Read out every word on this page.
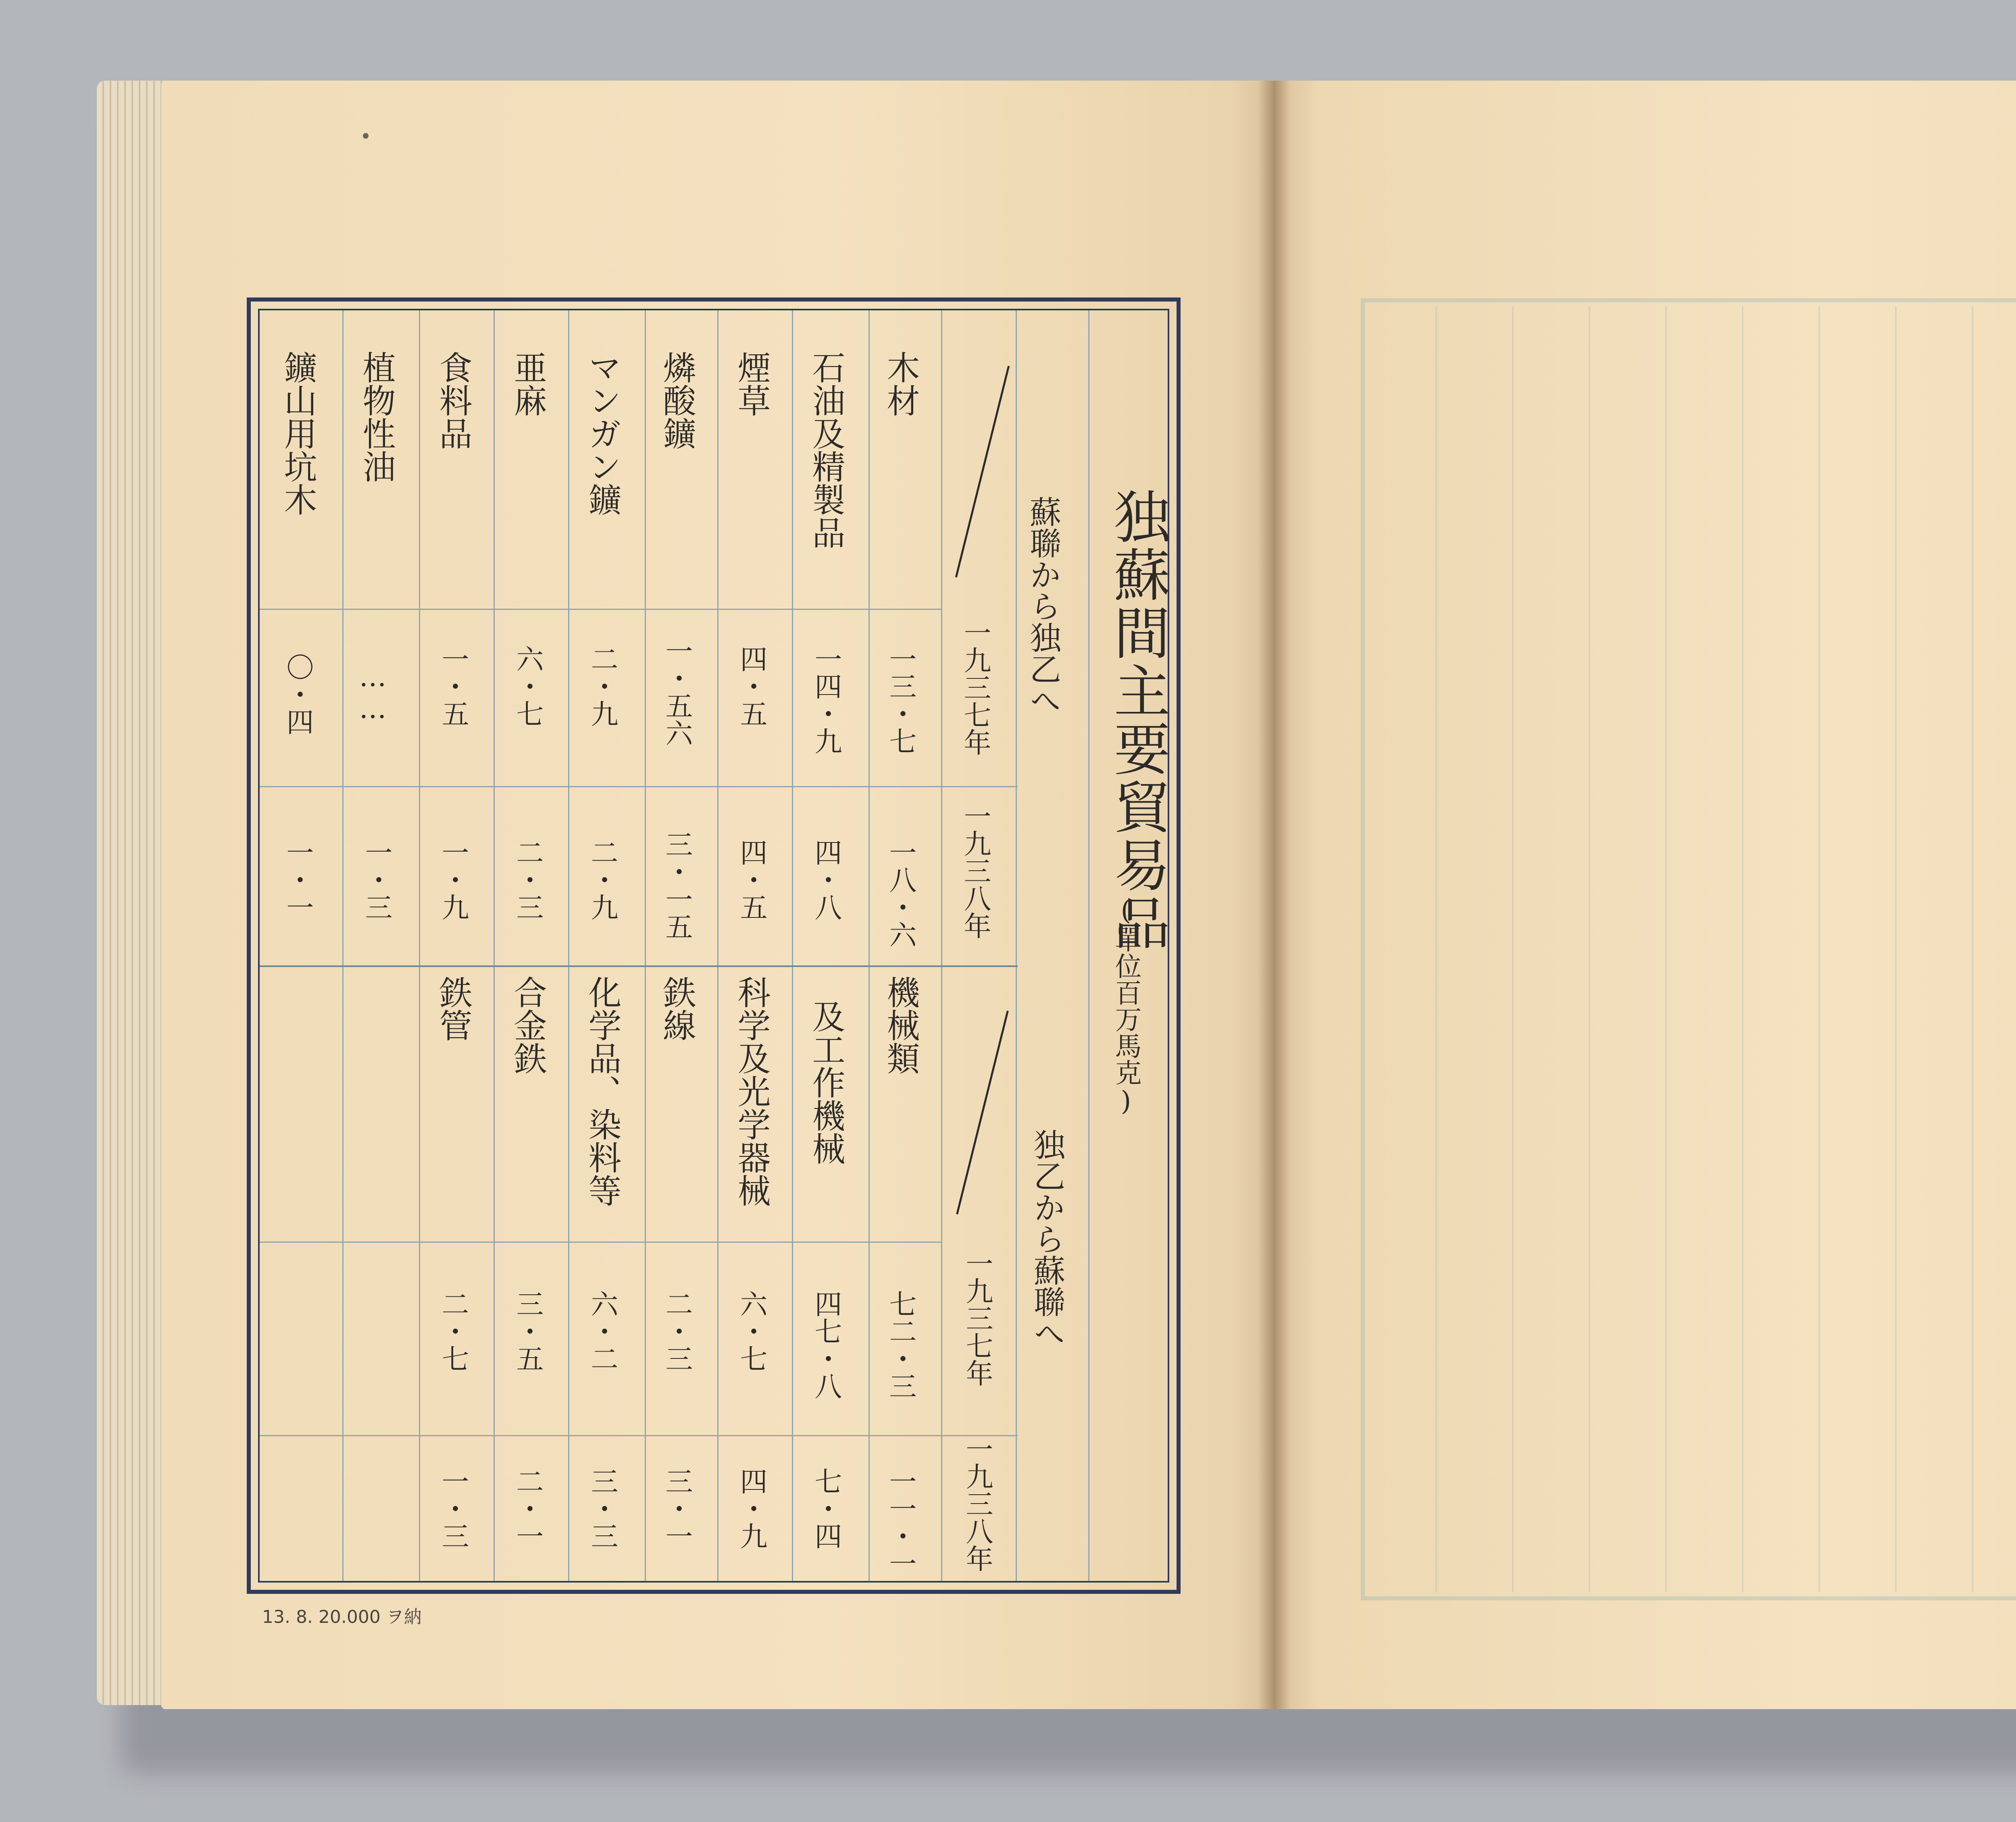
独蘇間主要貿易品
(單位百万馬克)
蘇聯から独乙へ
一九三七年
一九三八年
木材
一三・七
一八・六
石油及精製品
一四・九
四・八
煙草
四・五
四・五
燐酸鑛
一・五六
三・一五
マンガン鑛
二・九
二・九
亜麻
六・七
二・三
食料品
一・五
一・九
植物性油
……
一・三
鑛山用坑木
〇・四
一・一
独乙から蘇聯へ
一九三七年
一九三八年
機械類
七二・三
一一・一
及工作機械
四七・八
七・四
科学及光学器械
六・七
四・九
鉄線
二・三
三・一
化学品、染料等
六・二
三・三
合金鉄
三・五
二・一
鉄管
二・七
一・三
13. 8. 20.000 ヲ納
